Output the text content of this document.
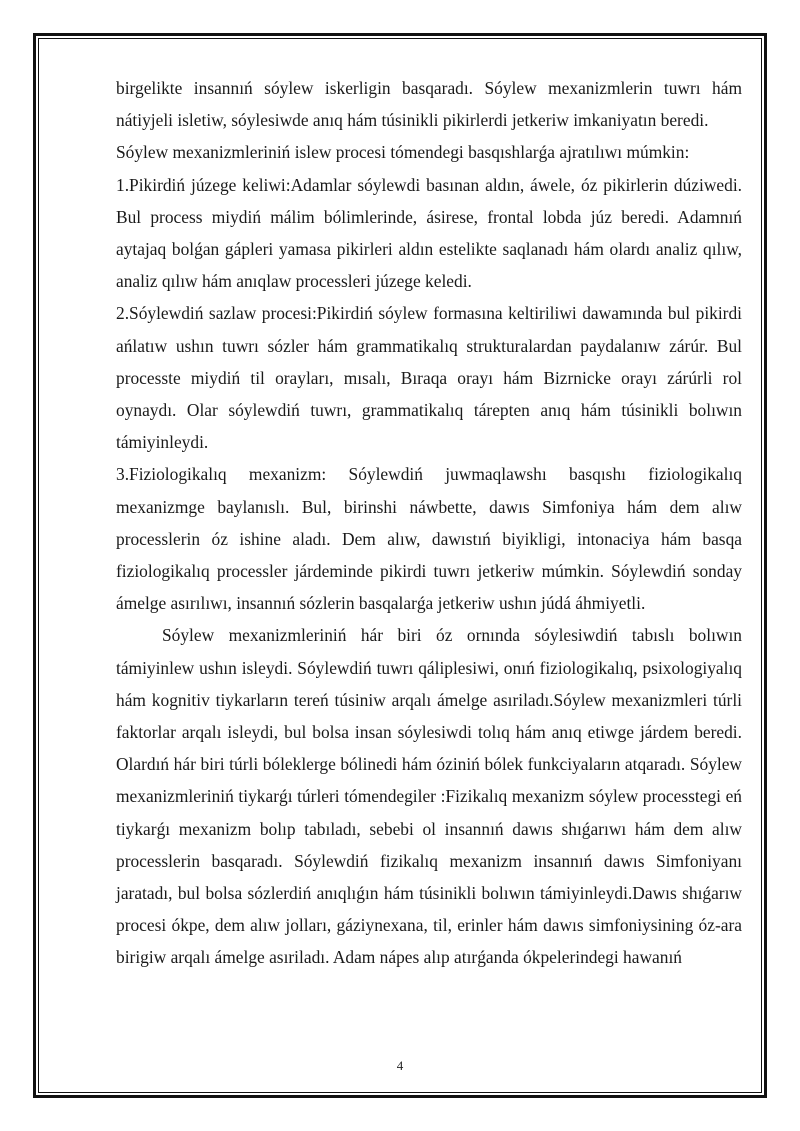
birgelikte insannıń sóylew iskerligin basqaradı. Sóylew mexanizmlerin tuwrı hám nátiyjeli isletiw, sóylesiwde anıq hám túsinikli pikirlerdi jetkeriw imkaniyatın beredi.

Sóylew mexanizmleriniń islew procesi tómendegi basqıshlarǵa ajratılıwı múmkin:

1.Pikirdiń júzege keliwi:Adamlar sóylewdi basınan aldın, áwele, óz pikirlerin dúziwedi. Bul process miydiń málim bólimlerinde, ásirese, frontal lobda júz beredi. Adamnıń aytajaq bolǵan gápleri yamasa pikirleri aldın estelikte saqlanadı hám olardı analiz qılıw, analiz qılıw hám anıqlaw processleri júzege keledi.

2.Sóylewdiń sazlaw procesi:Pikirdiń sóylew formasına keltiriliwi dawamında bul pikirdi ańlatıw ushın tuwrı sózler hám grammatikalıq strukturalardan paydalanıw zárúr. Bul processte miydiń til orayları, mısalı, Bıraqa orayı hám Bizrnicke orayı zárúrli rol oynaydı. Olar sóylewdiń tuwrı, grammatikalıq tárepten anıq hám túsinikli bolıwın támiyinleydi.

3.Fiziologikalıq mexanizm: Sóylewdiń juwmaqlawshı basqıshı fiziologikalıq mexanizmge baylanıslı. Bul, birinshi náwbette, dawıs Simfoniya hám dem alıw processlerin óz ishine aladı. Dem alıw, dawıstıń biyikligi, intonaciya hám basqa fiziologikalıq processler járdeminde pikirdi tuwrı jetkeriw múmkin. Sóylewdiń sonday ámelge asırılıwı, insannıń sózlerin basqalarǵa jetkeriw ushın júdá áhmiyetli.

Sóylew mexanizmleriniń hár biri óz ornında sóylesiwdiń tabıslı bolıwın támiyinlew ushın isleydi. Sóylewdiń tuwrı qáliplesiwi, onıń fiziologikalıq, psixologiyalıq hám kognitiv tiykarların tereń túsiniw arqalı ámelge asıriladı.Sóylew mexanizmleri túrli faktorlar arqalı isleydi, bul bolsa insan sóylesiwdi tolıq hám anıq etiwge járdem beredi. Olardıń hár biri túrli bóleklerge bólinedi hám óziniń bólek funkciyaların atqaradı. Sóylew mexanizmleriniń tiykarǵı túrleri tómendegiler :Fizikalıq mexanizm sóylew processtegi eń tiykarǵı mexanizm bolıp tabıladı, sebebi ol insannıń dawıs shıǵarıwı hám dem alıw processlerin basqaradı. Sóylewdiń fizikalıq mexanizm insannıń dawıs Simfoniyanı jaratadı, bul bolsa sózlerdiń anıqlıǵın hám túsinikli bolıwın támiyinleydi.Dawıs shıǵarıw procesi ókpe, dem alıw jolları, gáziynexana, til, erinler hám dawıs simfoniysining óz-ara birigiw arqalı ámelge asıriladı. Adam nápes alıp atırǵanda ókpelerindegi hawanıń

4
